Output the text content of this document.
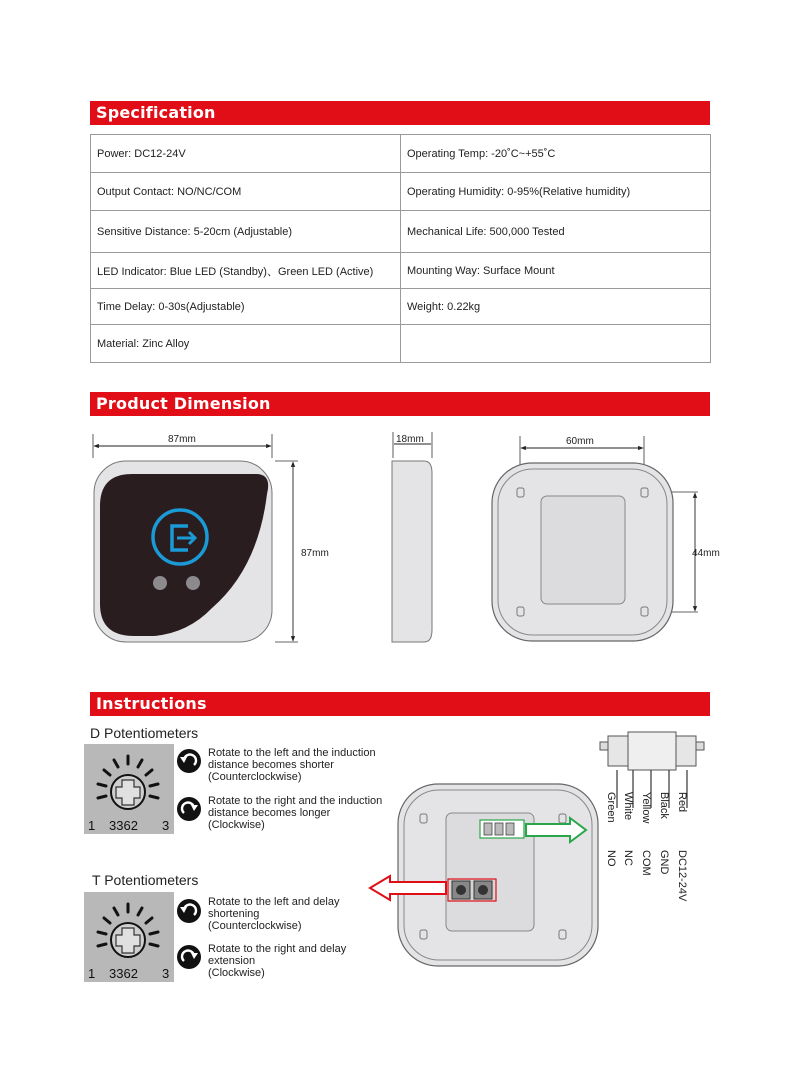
Specification
Power: DC12-24V	Operating Temp: -20˚C~+55˚C
Output Contact: NO/NC/COM	Operating Humidity: 0-95%(Relative humidity)
Sensitive Distance: 5-20cm (Adjustable)	Mechanical Life: 500,000 Tested
LED Indicator: Blue LED (Standby)、Green LED (Active)	Mounting Way: Surface Mount
Time Delay: 0-30s(Adjustable)	Weight: 0.22kg
Material: Zinc Alloy	
Product Dimension
87mm
87mm
18mm	60mm
44mm
Instructions
D Potentiometers
1 3362 3
Rotate to the left and the induction
distance becomes shorter
(Counterclockwise)
Rotate to the right and the induction
distance becomes longer
(Clockwise)
T Potentiometers
1 3362 3
Rotate to the left and delay
shortening
(Counterclockwise)
Rotate to the right and delay
extension
(Clockwise)
Green
NO
White
NC
Yellow
COM
Black
GND
Red
DC12-24V
